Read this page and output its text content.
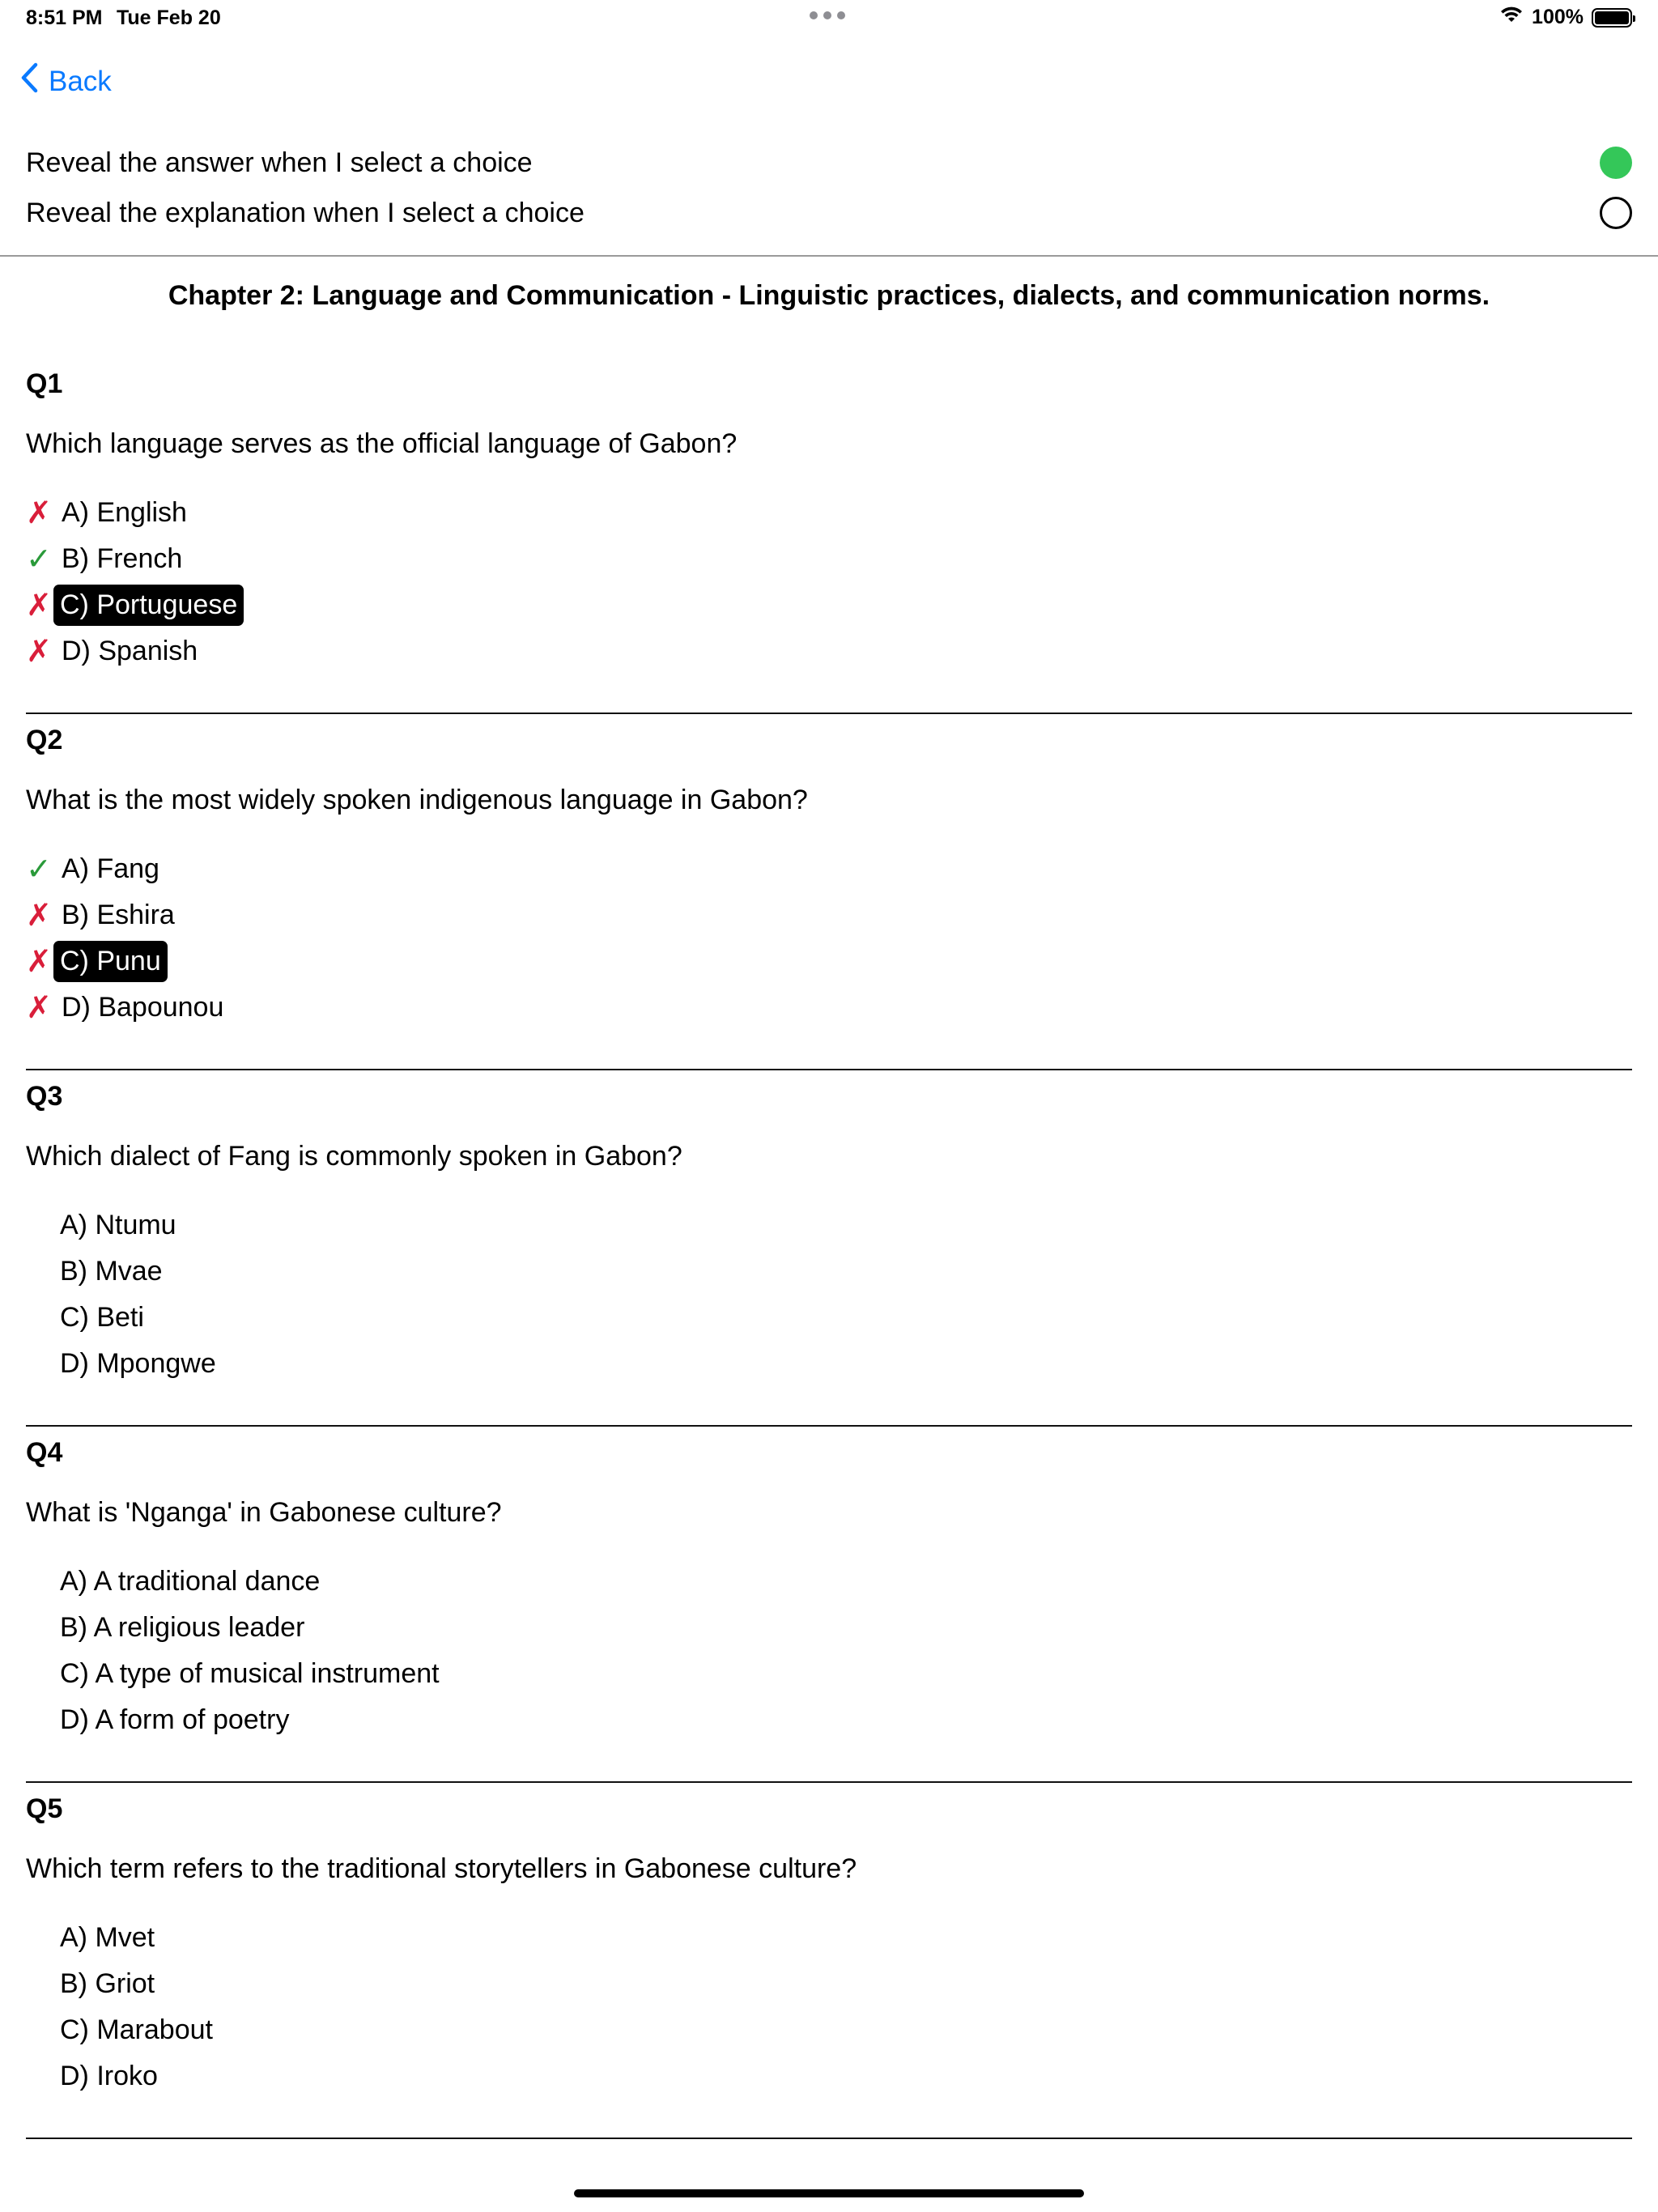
8:51 PM Tue Feb 20	100%
Back
Reveal the answer when I select a choice
Reveal the explanation when I select a choice
Chapter 2: Language and Communication - Linguistic practices, dialects, and communication norms.
Q1
Which language serves as the official language of Gabon?
✗ A) English
✓ B) French
✗ C) Portuguese
✗ D) Spanish
Q2
What is the most widely spoken indigenous language in Gabon?
✓ A) Fang
✗ B) Eshira
✗ C) Punu
✗ D) Bapounou
Q3
Which dialect of Fang is commonly spoken in Gabon?
A) Ntumu
B) Mvae
C) Beti
D) Mpongwe
Q4
What is 'Nganga' in Gabonese culture?
A) A traditional dance
B) A religious leader
C) A type of musical instrument
D) A form of poetry
Q5
Which term refers to the traditional storytellers in Gabonese culture?
A) Mvet
B) Griot
C) Marabout
D) Iroko
